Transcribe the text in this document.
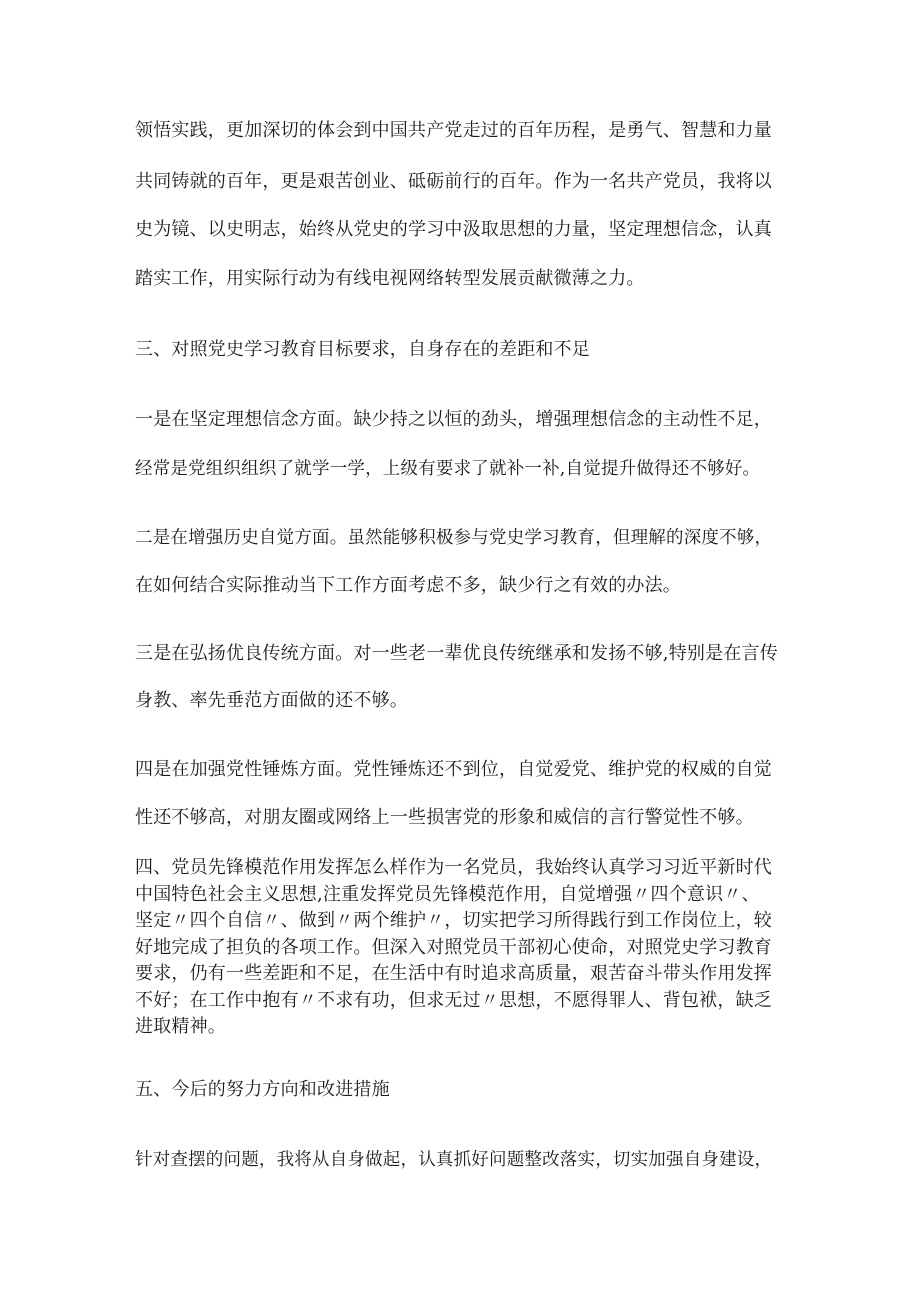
领悟实践，更加深切的体会到中国共产党走过的百年历程，是勇气、智慧和力量

共同铸就的百年，更是艰苦创业、砥砺前行的百年。作为一名共产党员，我将以

史为镜、以史明志，始终从党史的学习中汲取思想的力量，坚定理想信念，认真

踏实工作，用实际行动为有线电视网络转型发展贡献微薄之力。

三、对照党史学习教育目标要求，自身存在的差距和不足

一是在坚定理想信念方面。缺少持之以恒的劲头，增强理想信念的主动性不足，

经常是党组织组织了就学一学，上级有要求了就补一补,自觉提升做得还不够好。

二是在增强历史自觉方面。虽然能够积极参与党史学习教育，但理解的深度不够，

在如何结合实际推动当下工作方面考虑不多，缺少行之有效的办法。

三是在弘扬优良传统方面。对一些老一辈优良传统继承和发扬不够,特别是在言传

身教、率先垂范方面做的还不够。

四是在加强党性锤炼方面。党性锤炼还不到位，自觉爱党、维护党的权威的自觉

性还不够高，对朋友圈或网络上一些损害党的形象和威信的言行警觉性不够。

四、党员先锋模范作用发挥怎么样作为一名党员，我始终认真学习习近平新时代

中国特色社会主义思想,注重发挥党员先锋模范作用，自觉增强〃四个意识〃、

坚定〃四个自信〃、做到〃两个维护〃，切实把学习所得践行到工作岗位上，较

好地完成了担负的各项工作。但深入对照党员干部初心使命，对照党史学习教育

要求，仍有一些差距和不足，在生活中有时追求高质量，艰苦奋斗带头作用发挥

不好；在工作中抱有〃不求有功，但求无过〃思想，不愿得罪人、背包袱，缺乏

进取精神。

五、今后的努力方向和改进措施

针对查摆的问题，我将从自身做起，认真抓好问题整改落实，切实加强自身建设，
